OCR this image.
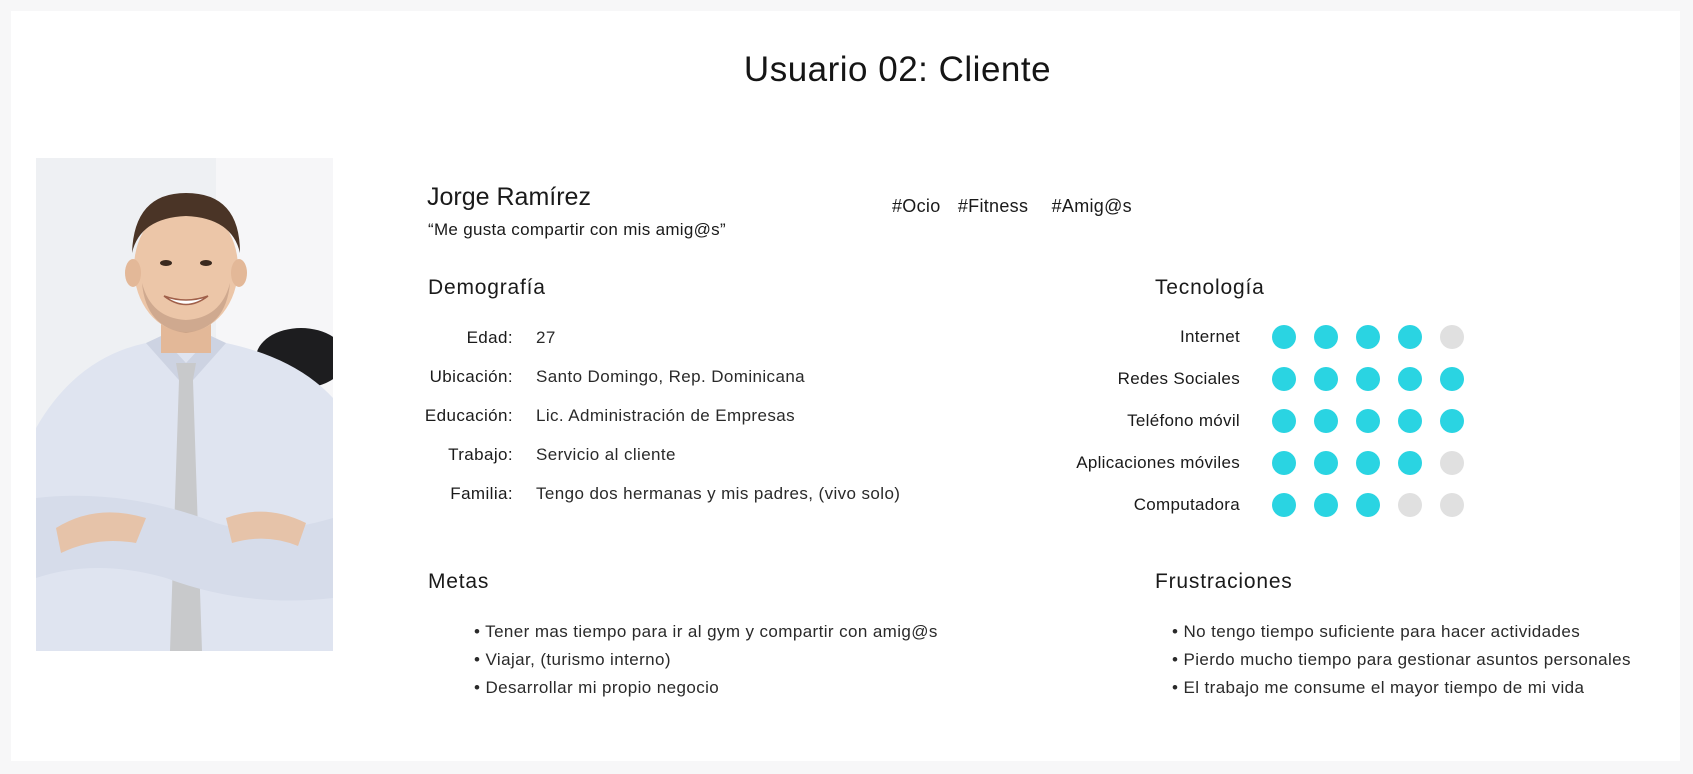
Usuario 02: Cliente
Jorge Ramírez
“Me gusta compartir con mis amig@s”
#Ocio #Fitness #Amig@s
Demografía
Edad: 27
Ubicación: Santo Domingo, Rep. Dominicana
Educación: Lic. Administración de Empresas
Trabajo: Servicio al cliente
Familia: Tengo dos hermanas y mis padres, (vivo solo)
Tecnología
Internet
Redes Sociales
Teléfono móvil
Aplicaciones móviles
Computadora
Metas
• Tener mas tiempo para ir al gym y compartir con amig@s
• Viajar, (turismo interno)
• Desarrollar mi propio negocio
Frustraciones
• No tengo tiempo suficiente para hacer actividades
• Pierdo mucho tiempo para gestionar asuntos personales
• El trabajo me consume el mayor tiempo de mi vida
